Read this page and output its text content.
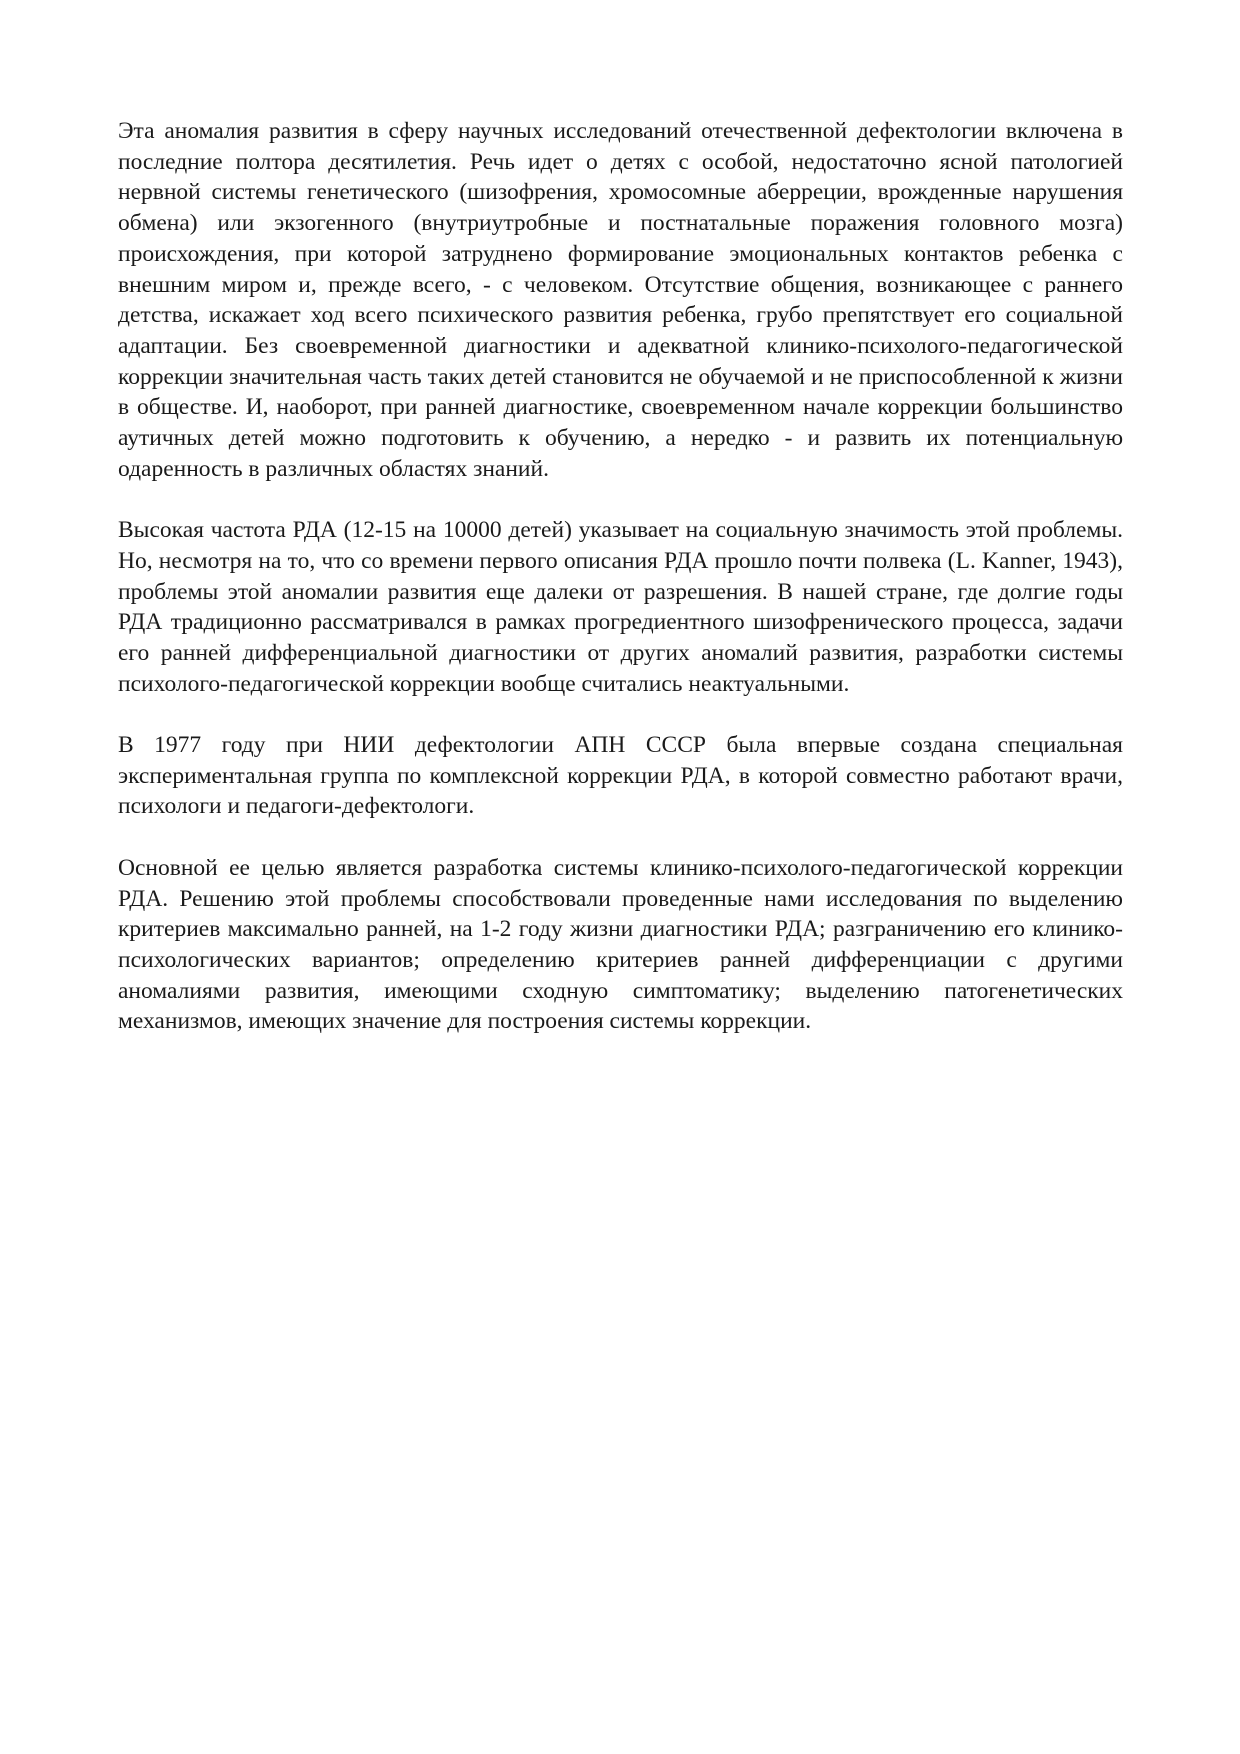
Эта аномалия развития в сферу научных исследований отечественной дефектологии включена в последние полтора десятилетия. Речь идет о детях с особой, недостаточно ясной патологией нервной системы генетического (шизофрения, хромосомные аберреции, врожденные нарушения обмена) или экзогенного (внутриутробные и постнатальные поражения головного мозга) происхождения, при которой затруднено формирование эмоциональных контактов ребенка с внешним миром и, прежде всего, - с человеком. Отсутствие общения, возникающее с раннего детства, искажает ход всего психического развития ребенка, грубо препятствует его социальной адаптации. Без своевременной диагностики и адекватной клинико-психолого-педагогической коррекции значительная часть таких детей становится не обучаемой и не приспособленной к жизни в обществе. И, наоборот, при ранней диагностике, своевременном начале коррекции большинство аутичных детей можно подготовить к обучению, а нередко - и развить их потенциальную одаренность в различных областях знаний.

Высокая частота РДА (12-15 на 10000 детей) указывает на социальную значимость этой проблемы. Но, несмотря на то, что со времени первого описания РДА прошло почти полвека (L. Kanner, 1943), проблемы этой аномалии развития еще далеки от разрешения. В нашей стране, где долгие годы РДА традиционно рассматривался в рамках прогредиентного шизофренического процесса, задачи его ранней дифференциальной диагностики от других аномалий развития, разработки системы психолого-педагогической коррекции вообще считались неактуальными.

В 1977 году при НИИ дефектологии АПН СССР была впервые создана специальная экспериментальная группа по комплексной коррекции РДА, в которой совместно работают врачи, психологи и педагоги-дефектологи.

Основной ее целью является разработка системы клинико-психолого-педагогической коррекции РДА. Решению этой проблемы способствовали проведенные нами исследования по выделению критериев максимально ранней, на 1-2 году жизни диагностики РДА; разграничению его клинико-психологических вариантов; определению критериев ранней дифференциации с другими аномалиями развития, имеющими сходную симптоматику; выделению патогенетических механизмов, имеющих значение для построения системы коррекции.
